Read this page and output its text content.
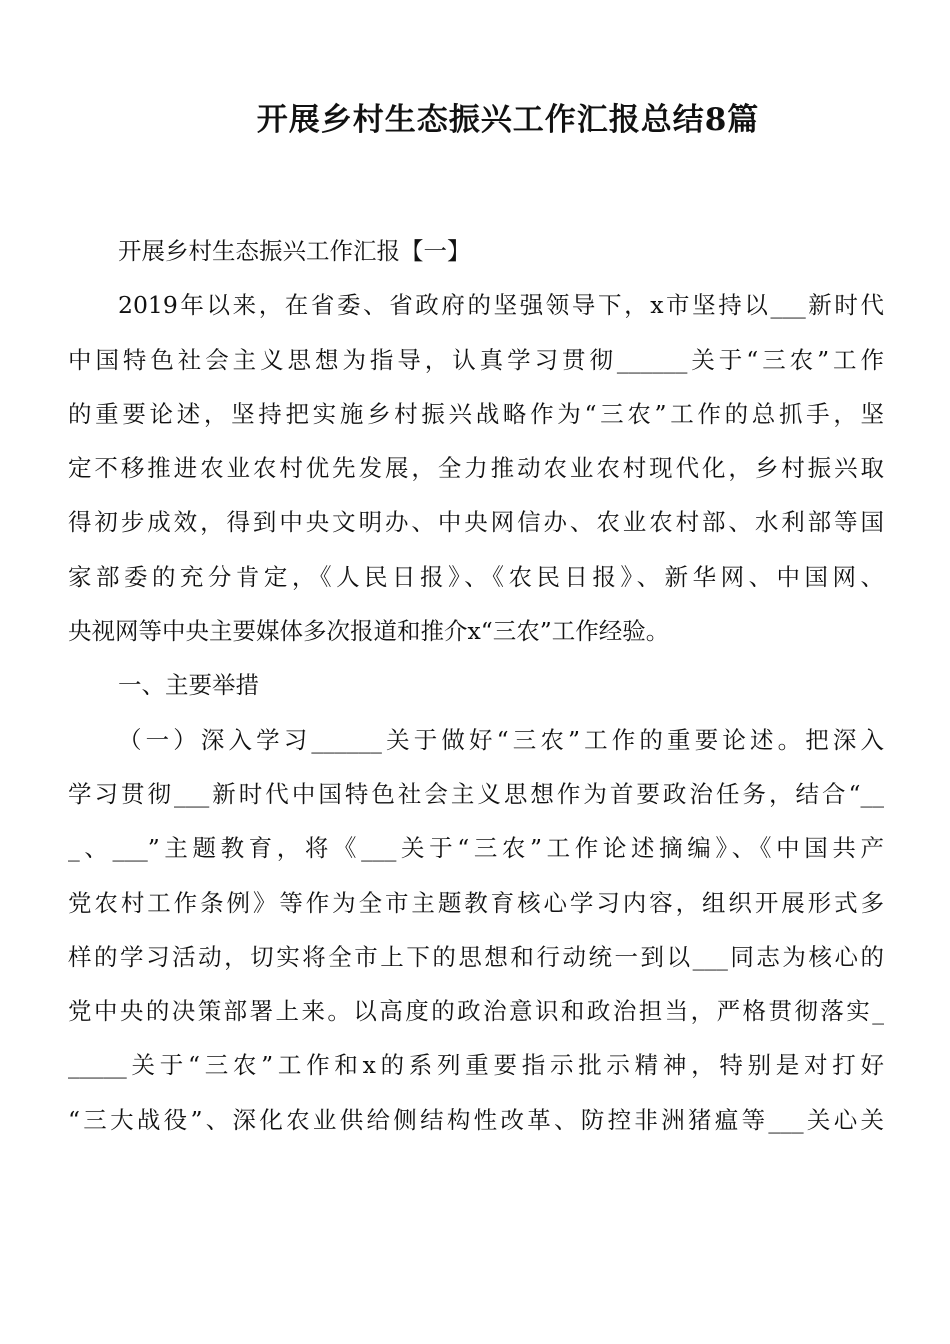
开展乡村生态振兴工作汇报总结8篇
开展乡村生态振兴工作汇报【一】
2019年以来，在省委、省政府的坚强领导下，x市坚持以___新时代
中国特色社会主义思想为指导，认真学习贯彻______关于“三农”工作
的重要论述，坚持把实施乡村振兴战略作为“三农”工作的总抓手，坚
定不移推进农业农村优先发展，全力推动农业农村现代化，乡村振兴取
得初步成效，得到中央文明办、中央网信办、农业农村部、水利部等国
家部委的充分肯定，《人民日报》、《农民日报》、新华网、中国网、
央视网等中央主要媒体多次报道和推介x“三农”工作经验。
一、主要举措
（一）深入学习______关于做好“三农”工作的重要论述。把深入
学习贯彻___新时代中国特色社会主义思想作为首要政治任务，结合“__
_、___”主题教育，将《___关于“三农”工作论述摘编》、《中国共产
党农村工作条例》等作为全市主题教育核心学习内容，组织开展形式多
样的学习活动，切实将全市上下的思想和行动统一到以___同志为核心的
党中央的决策部署上来。以高度的政治意识和政治担当，严格贯彻落实_
_____关于“三农”工作和x的系列重要指示批示精神，特别是对打好
“三大战役”、深化农业供给侧结构性改革、防控非洲猪瘟等___关心关
